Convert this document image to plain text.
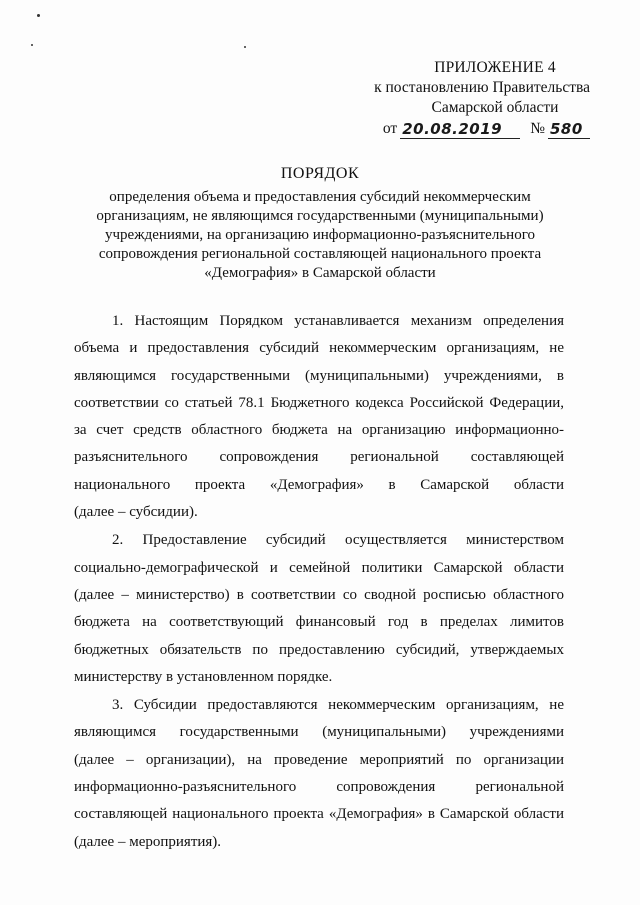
ПРИЛОЖЕНИЕ 4
к постановлению Правительства
Самарской области
от 20.08.2019	№ 580
ПОРЯДОК
определения объема и предоставления субсидий некоммерческим
организациям, не являющимся государственными (муниципальными)
учреждениями, на организацию информационно-разъяснительного
сопровождения региональной составляющей национального проекта
«Демография» в Самарской области

1. Настоящим Порядком устанавливается механизм определения
объема и предоставления субсидий некоммерческим организациям, не
являющимся государственными (муниципальными) учреждениями, в
соответствии со статьей 78.1 Бюджетного кодекса Российской Федерации,
за счет средств областного бюджета на организацию информационно-
разъяснительного сопровождения региональной составляющей
национального проекта «Демография» в Самарской области
(далее – субсидии).

2. Предоставление субсидий осуществляется министерством
социально-демографической и семейной политики Самарской области
(далее – министерство) в соответствии со сводной росписью областного
бюджета на соответствующий финансовый год в пределах лимитов
бюджетных обязательств по предоставлению субсидий, утверждаемых
министерству в установленном порядке.

3. Субсидии предоставляются некоммерческим организациям, не
являющимся государственными (муниципальными) учреждениями
(далее – организации), на проведение мероприятий по организации
информационно-разъяснительного сопровождения региональной
составляющей национального проекта «Демография» в Самарской области
(далее – мероприятия).
